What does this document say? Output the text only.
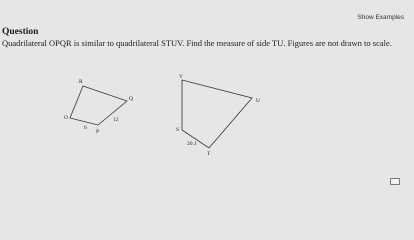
Question
Show Examples
Quadrilateral OPQR is similar to quadrilateral STUV. Find the measure of side TU. Figures are not drawn to scale.
R
Q
O
P
6
12
V
U
S
T
20.1
